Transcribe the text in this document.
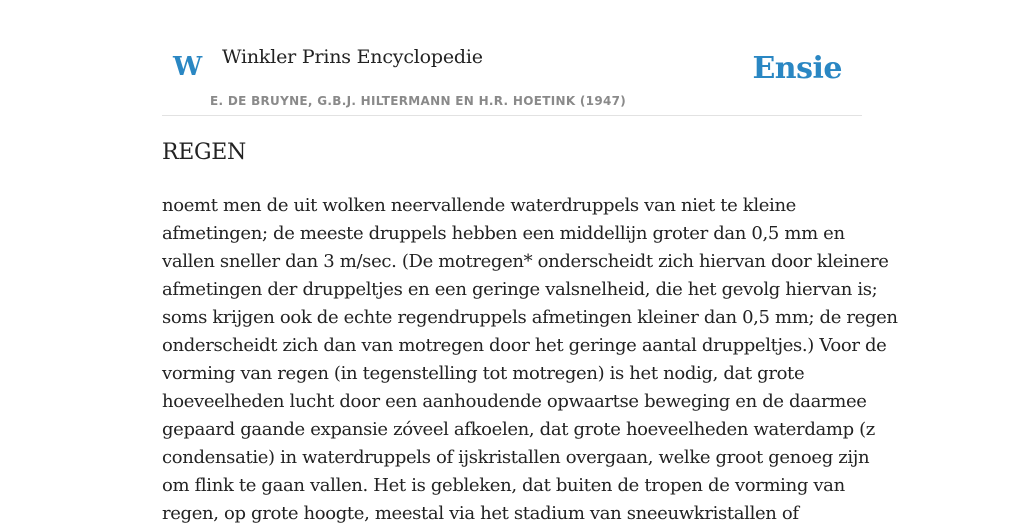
W Winkler Prins Encyclopedie	Ensie
E. DE BRUYNE, G.B.J. HILTERMANN EN H.R. HOETINK (1947)
REGEN
noemt men de uit wolken neervallende waterdruppels van niet te kleine
afmetingen; de meeste druppels hebben een middellijn groter dan 0,5 mm en
vallen sneller dan 3 m/sec. (De motregen* onderscheidt zich hiervan door kleinere
afmetingen der druppeltjes en een geringe valsnelheid, die het gevolg hiervan is;
soms krijgen ook de echte regendruppels afmetingen kleiner dan 0,5 mm; de regen
onderscheidt zich dan van motregen door het geringe aantal druppeltjes.) Voor de
vorming van regen (in tegenstelling tot motregen) is het nodig, dat grote
hoeveelheden lucht door een aanhoudende opwaartse beweging en de daarmee
gepaard gaande expansie zóveel afkoelen, dat grote hoeveelheden waterdamp (z
condensatie) in waterdruppels of ijskristallen overgaan, welke groot genoeg zijn
om flink te gaan vallen. Het is gebleken, dat buiten de tropen de vorming van
regen, op grote hoogte, meestal via het stadium van sneeuwkristallen of
